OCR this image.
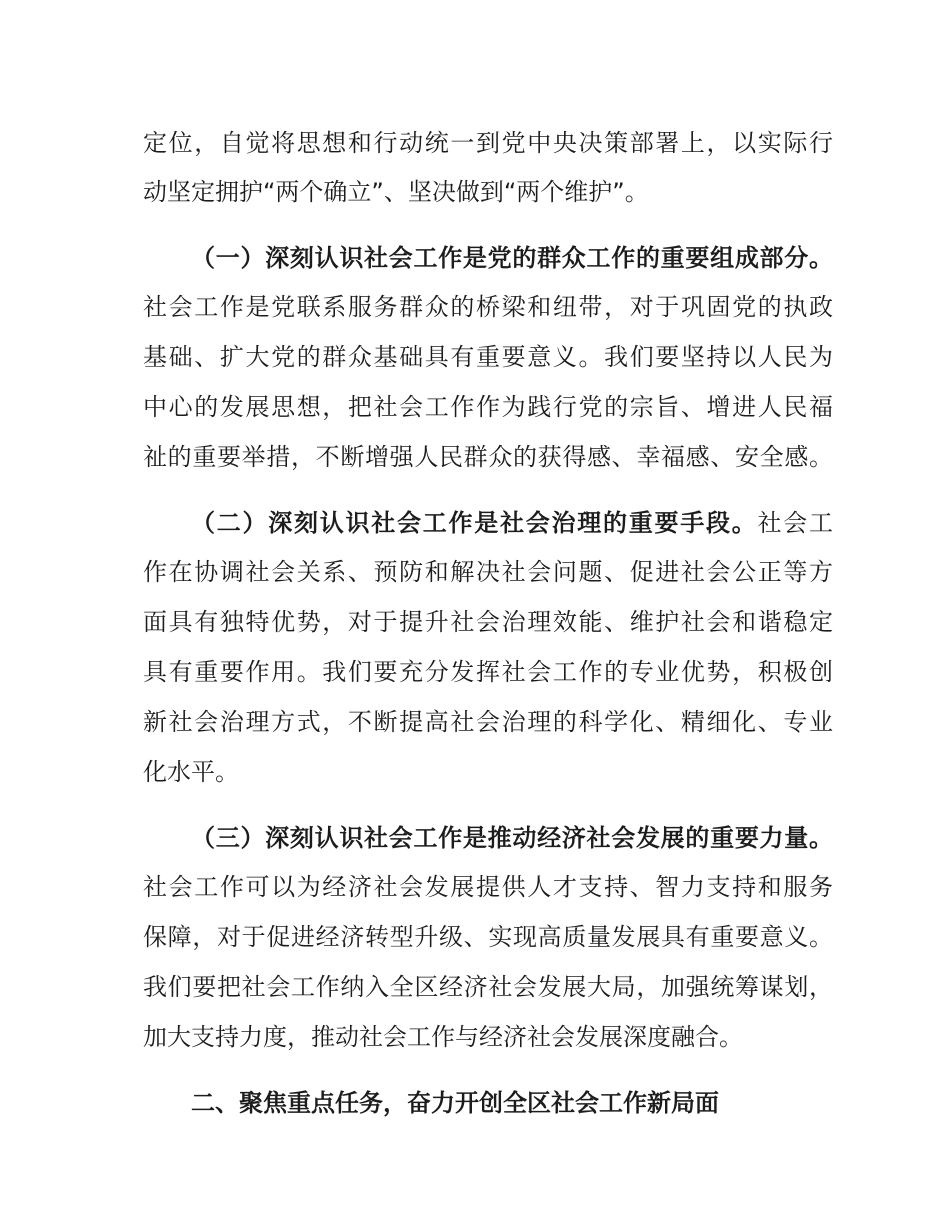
定位，自觉将思想和行动统一到党中央决策部署上，以实际行
动坚定拥护“两个确立”、坚决做到“两个维护”。
（一）深刻认识社会工作是党的群众工作的重要组成部分。
社会工作是党联系服务群众的桥梁和纽带，对于巩固党的执政
基础、扩大党的群众基础具有重要意义。我们要坚持以人民为
中心的发展思想，把社会工作作为践行党的宗旨、增进人民福
祉的重要举措，不断增强人民群众的获得感、幸福感、安全感。
（二）深刻认识社会工作是社会治理的重要手段。社会工
作在协调社会关系、预防和解决社会问题、促进社会公正等方
面具有独特优势，对于提升社会治理效能、维护社会和谐稳定
具有重要作用。我们要充分发挥社会工作的专业优势，积极创
新社会治理方式，不断提高社会治理的科学化、精细化、专业
化水平。
（三）深刻认识社会工作是推动经济社会发展的重要力量。
社会工作可以为经济社会发展提供人才支持、智力支持和服务
保障，对于促进经济转型升级、实现高质量发展具有重要意义。
我们要把社会工作纳入全区经济社会发展大局，加强统筹谋划，
加大支持力度，推动社会工作与经济社会发展深度融合。
二、聚焦重点任务，奋力开创全区社会工作新局面
